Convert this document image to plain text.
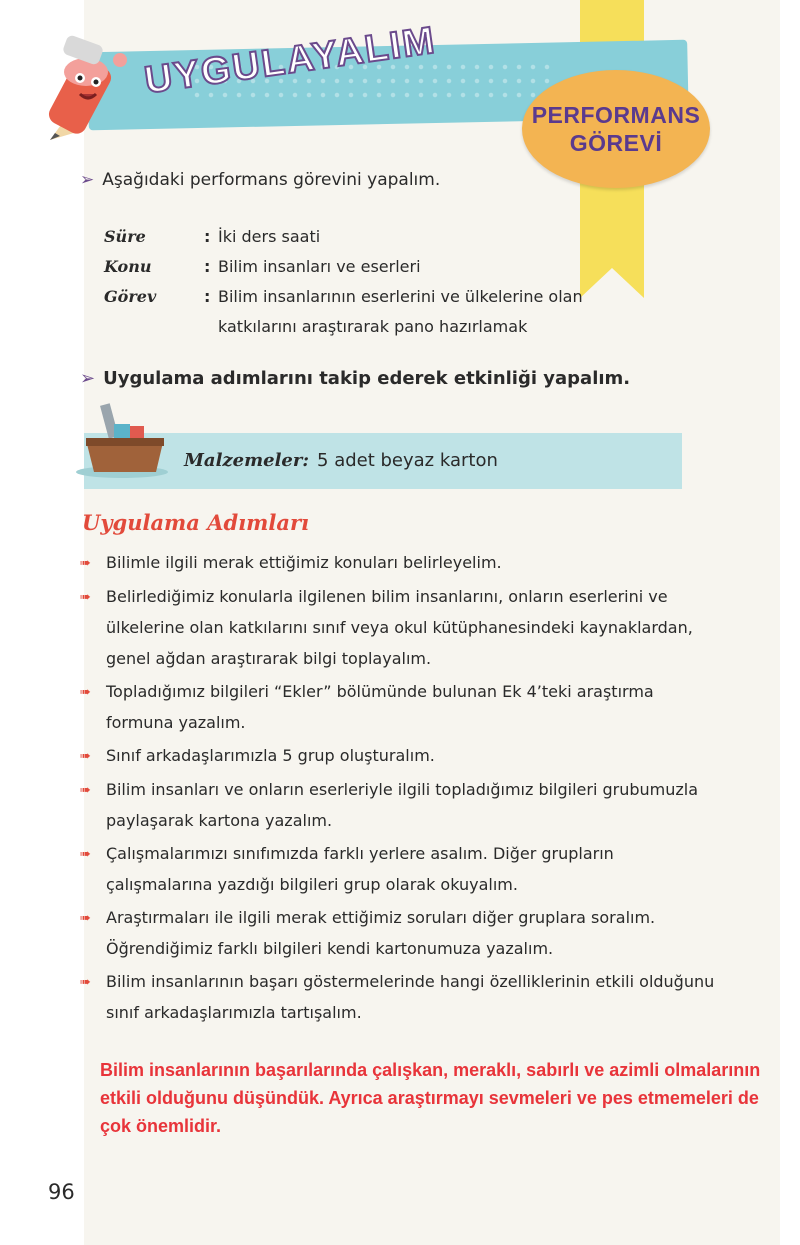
UYGULAYALIM
PERFORMANS
GÖREVİ
➢ Aşağıdaki performans görevini yapalım.
Süre	: İki ders saati
Konu	: Bilim insanları ve eserleri
Görev	: Bilim insanlarının eserlerini ve ülkelerine olan katkılarını araştırarak pano hazırlamak
➢ Uygulama adımlarını takip ederek etkinliği yapalım.
Malzemeler: 5 adet beyaz karton
Uygulama Adımları
➠ Bilimle ilgili merak ettiğimiz konuları belirleyelim.
➠ Belirlediğimiz konularla ilgilenen bilim insanlarını, onların eserlerini ve ülkelerine olan katkılarını sınıf veya okul kütüphanesindeki kaynaklardan, genel ağdan araştırarak bilgi toplayalım.
➠ Topladığımız bilgileri “Ekler” bölümünde bulunan Ek 4’teki araştırma formuna yazalım.
➠ Sınıf arkadaşlarımızla 5 grup oluşturalım.
➠ Bilim insanları ve onların eserleriyle ilgili topladığımız bilgileri grubumuzla paylaşarak kartona yazalım.
➠ Çalışmalarımızı sınıfımızda farklı yerlere asalım. Diğer grupların çalışmalarına yazdığı bilgileri grup olarak okuyalım.
➠ Araştırmaları ile ilgili merak ettiğimiz soruları diğer gruplara soralım. Öğrendiğimiz farklı bilgileri kendi kartonumuza yazalım.
➠ Bilim insanlarının başarı göstermelerinde hangi özelliklerinin etkili olduğunu sınıf arkadaşlarımızla tartışalım.
Bilim insanlarının başarılarında çalışkan, meraklı, sabırlı ve azimli olmalarının etkili olduğunu düşündük. Ayrıca araştırmayı sevmeleri ve pes etmemeleri de çok önemlidir.
96
